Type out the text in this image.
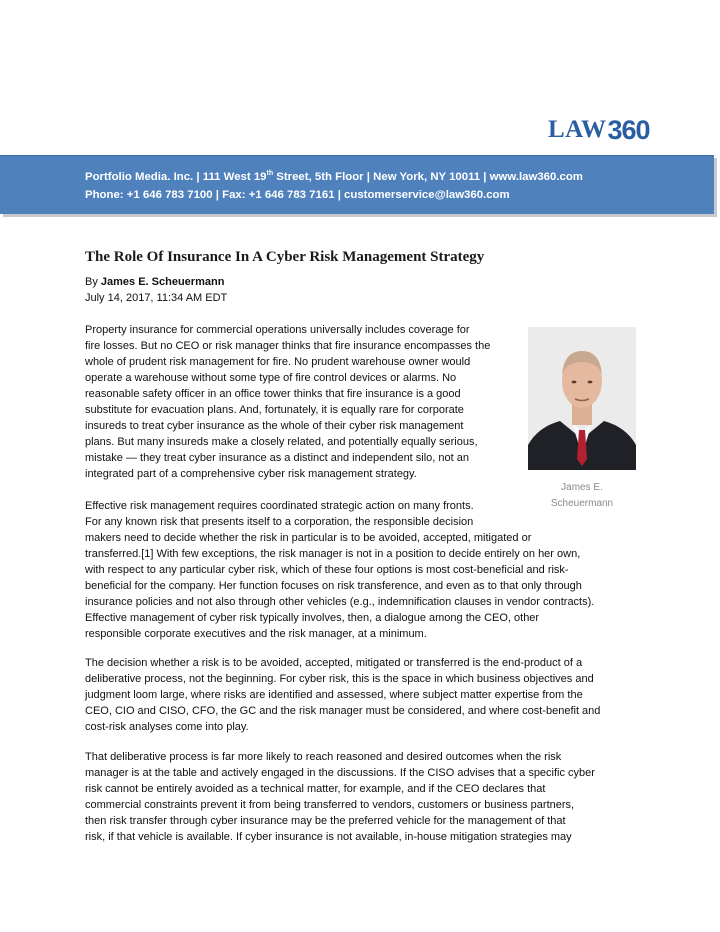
LAW 360
Portfolio Media. Inc. | 111 West 19th Street, 5th Floor | New York, NY 10011 | www.law360.com
Phone: +1 646 783 7100 | Fax: +1 646 783 7161 | customerservice@law360.com
The Role Of Insurance In A Cyber Risk Management Strategy
By James E. Scheuermann
July 14, 2017, 11:34 AM EDT
James E.
Scheuermann
Property insurance for commercial operations universally includes coverage for
fire losses. But no CEO or risk manager thinks that fire insurance encompasses the
whole of prudent risk management for fire. No prudent warehouse owner would
operate a warehouse without some type of fire control devices or alarms. No
reasonable safety officer in an office tower thinks that fire insurance is a good
substitute for evacuation plans. And, fortunately, it is equally rare for corporate
insureds to treat cyber insurance as the whole of their cyber risk management
plans. But many insureds make a closely related, and potentially equally serious,
mistake — they treat cyber insurance as a distinct and independent silo, not an
integrated part of a comprehensive cyber risk management strategy.
Effective risk management requires coordinated strategic action on many fronts.
For any known risk that presents itself to a corporation, the responsible decision
makers need to decide whether the risk in particular is to be avoided, accepted, mitigated or
transferred.[1] With few exceptions, the risk manager is not in a position to decide entirely on her own,
with respect to any particular cyber risk, which of these four options is most cost-beneficial and risk-
beneficial for the company. Her function focuses on risk transference, and even as to that only through
insurance policies and not also through other vehicles (e.g., indemnification clauses in vendor contracts).
Effective management of cyber risk typically involves, then, a dialogue among the CEO, other
responsible corporate executives and the risk manager, at a minimum.
The decision whether a risk is to be avoided, accepted, mitigated or transferred is the end-product of a
deliberative process, not the beginning. For cyber risk, this is the space in which business objectives and
judgment loom large, where risks are identified and assessed, where subject matter expertise from the
CEO, CIO and CISO, CFO, the GC and the risk manager must be considered, and where cost-benefit and
cost-risk analyses come into play.
That deliberative process is far more likely to reach reasoned and desired outcomes when the risk
manager is at the table and actively engaged in the discussions. If the CISO advises that a specific cyber
risk cannot be entirely avoided as a technical matter, for example, and if the CEO declares that
commercial constraints prevent it from being transferred to vendors, customers or business partners,
then risk transfer through cyber insurance may be the preferred vehicle for the management of that
risk, if that vehicle is available. If cyber insurance is not available, in-house mitigation strategies may
